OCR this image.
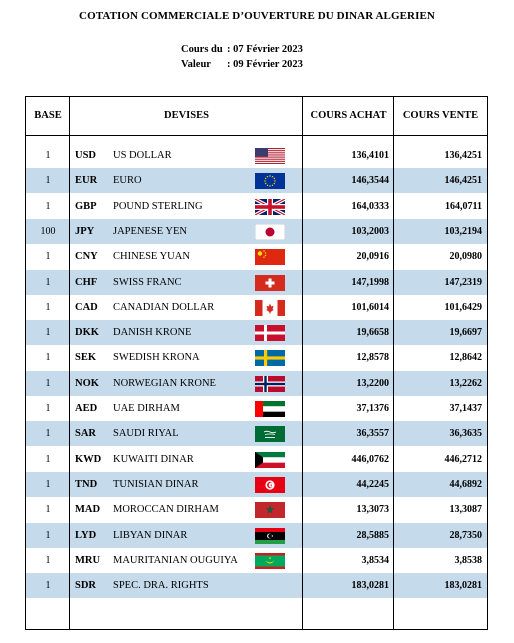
COTATION COMMERCIALE D’OUVERTURE DU DINAR ALGERIEN
Cours du : 07 Février 2023
Valeur : 09 Février 2023
BASE	DEVISES	COURS ACHAT	COURS VENTE
1	USD US DOLLAR	136,4101	136,4251
1	EUR EURO	146,3544	146,4251
1	GBP POUND STERLING	164,0333	164,0711
100	JPY JAPENESE YEN	103,2003	103,2194
1	CNY CHINESE YUAN	20,0916	20,0980
1	CHF SWISS FRANC	147,1998	147,2319
1	CAD CANADIAN DOLLAR	101,6014	101,6429
1	DKK DANISH KRONE	19,6658	19,6697
1	SEK SWEDISH KRONA	12,8578	12,8642
1	NOK NORWEGIAN KRONE	13,2200	13,2262
1	AED UAE DIRHAM	37,1376	37,1437
1	SAR SAUDI RIYAL	36,3557	36,3635
1	KWD KUWAITI DINAR	446,0762	446,2712
1	TND TUNISIAN DINAR	44,2245	44,6892
1	MAD MOROCCAN DIRHAM	13,3073	13,3087
1	LYD LIBYAN DINAR	28,5885	28,7350
1	MRU MAURITANIAN OUGUIYA	3,8534	3,8538
1	SDR SPEC. DRA. RIGHTS	183,0281	183,0281
